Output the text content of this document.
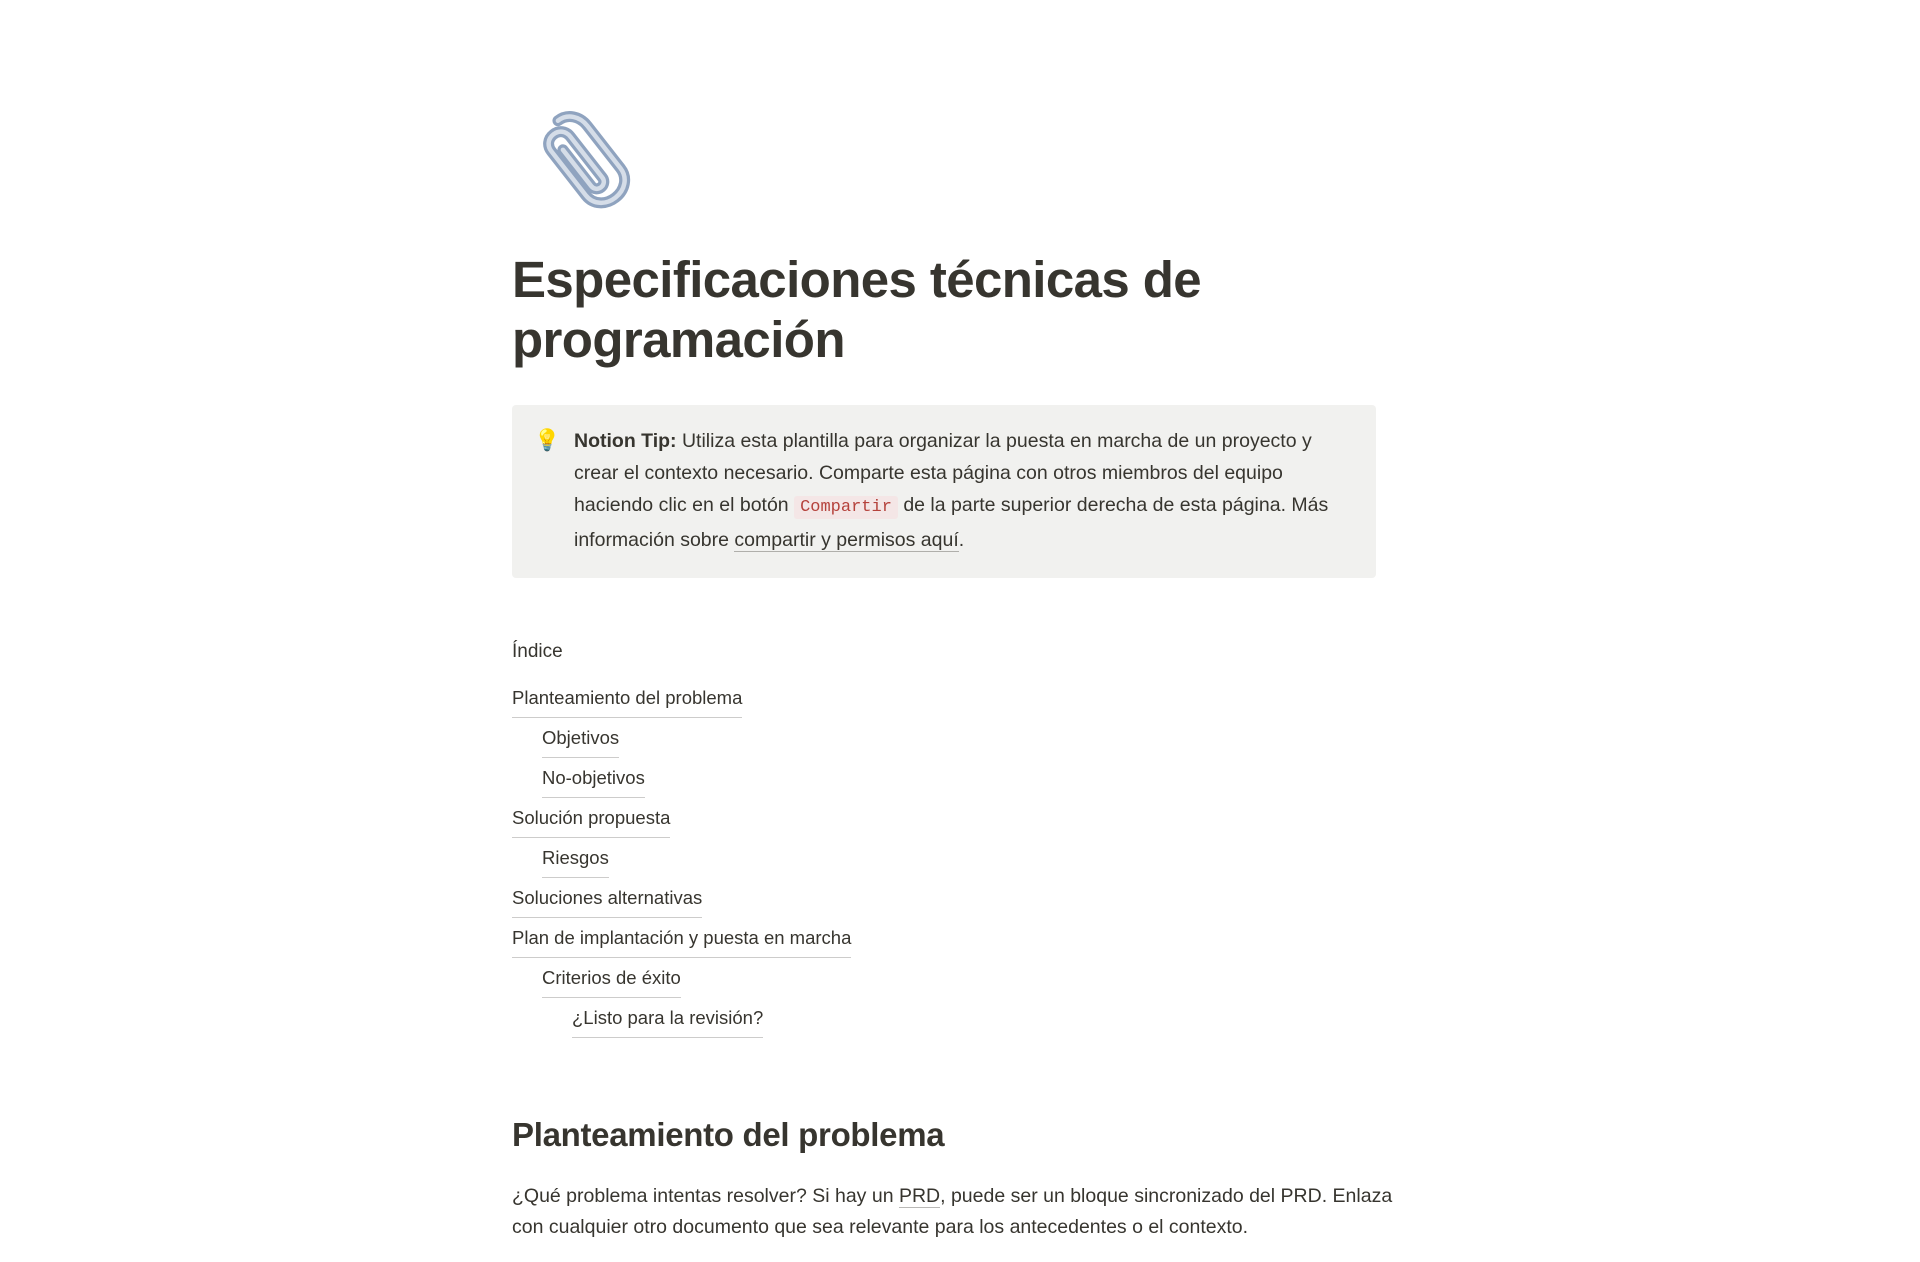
Especificaciones técnicas de programación
💡 Notion Tip: Utiliza esta plantilla para organizar la puesta en marcha de un proyecto y crear el contexto necesario. Comparte esta página con otros miembros del equipo haciendo clic en el botón Compartir de la parte superior derecha de esta página. Más información sobre compartir y permisos aquí.
Índice
Planteamiento del problema
Objetivos
No-objetivos
Solución propuesta
Riesgos
Soluciones alternativas
Plan de implantación y puesta en marcha
Criterios de éxito
¿Listo para la revisión?
Planteamiento del problema

¿Qué problema intentas resolver? Si hay un PRD, puede ser un bloque sincronizado del PRD. Enlaza con cualquier otro documento que sea relevante para los antecedentes o el contexto.
